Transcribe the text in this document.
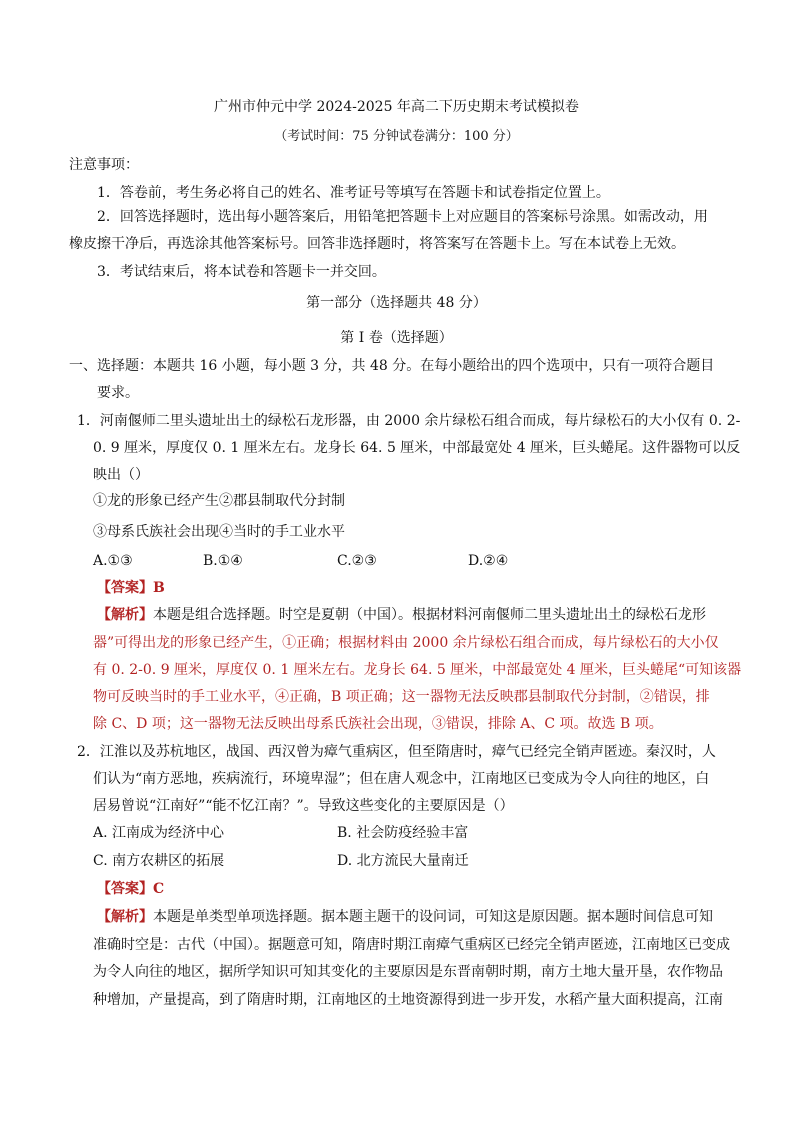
广州市仲元中学 2024-2025 年高二下历史期末考试模拟卷
（考试时间：75 分钟试卷满分：100 分）
注意事项：
1．答卷前，考生务必将自己的姓名、准考证号等填写在答题卡和试卷指定位置上。
2．回答选择题时，选出每小题答案后，用铅笔把答题卡上对应题目的答案标号涂黑。如需改动，用
橡皮擦干净后，再选涂其他答案标号。回答非选择题时，将答案写在答题卡上。写在本试卷上无效。
3．考试结束后，将本试卷和答题卡一并交回。
第一部分（选择题共 48 分）
第 I 卷（选择题）
一、选择题：本题共 16 小题，每小题 3 分，共 48 分。在每小题给出的四个选项中，只有一项符合题目
要求。
1．河南偃师二里头遗址出土的绿松石龙形器，由 2000 余片绿松石组合而成，每片绿松石的大小仅有 0. 2-
0. 9 厘米，厚度仅 0. 1 厘米左右。龙身长 64. 5 厘米，中部最宽处 4 厘米，巨头蜷尾。这件器物可以反
映出（）
①龙的形象已经产生②郡县制取代分封制
③母系氏族社会出现④当时的手工业水平
A.①③	B.①④	C.②③	D.②④
【答案】B
【解析】本题是组合选择题。时空是夏朝（中国）。根据材料河南偃师二里头遗址出土的绿松石龙形
器”可得出龙的形象已经产生，①正确；根据材料由 2000 余片绿松石组合而成，每片绿松石的大小仅
有 0. 2-0. 9 厘米，厚度仅 0. 1 厘米左右。龙身长 64. 5 厘米，中部最宽处 4 厘米，巨头蜷尾“可知该器
物可反映当时的手工业水平，④正确，B 项正确；这一器物无法反映郡县制取代分封制，②错误，排
除 C、D 项；这一器物无法反映出母系氏族社会出现，③错误，排除 A、C 项。故选 B 项。
2．江淮以及苏杭地区，战国、西汉曾为瘴气重病区，但至隋唐时，瘴气已经完全销声匿迹。秦汉时，人
们认为“南方恶地，疾病流行，环境卑湿”；但在唐人观念中，江南地区已变成为令人向往的地区，白
居易曾说“江南好”“能不忆江南？”。导致这些变化的主要原因是（）
A. 江南成为经济中心	B. 社会防疫经验丰富
C. 南方农耕区的拓展	D. 北方流民大量南迁
【答案】C
【解析】本题是单类型单项选择题。据本题主题干的设问词，可知这是原因题。据本题时间信息可知
准确时空是：古代（中国）。据题意可知，隋唐时期江南瘴气重病区已经完全销声匿迹，江南地区已变成
为令人向往的地区，据所学知识可知其变化的主要原因是东晋南朝时期，南方土地大量开垦，农作物品
种增加，产量提高，到了隋唐时期，江南地区的土地资源得到进一步开发，水稻产量大面积提高，江南
